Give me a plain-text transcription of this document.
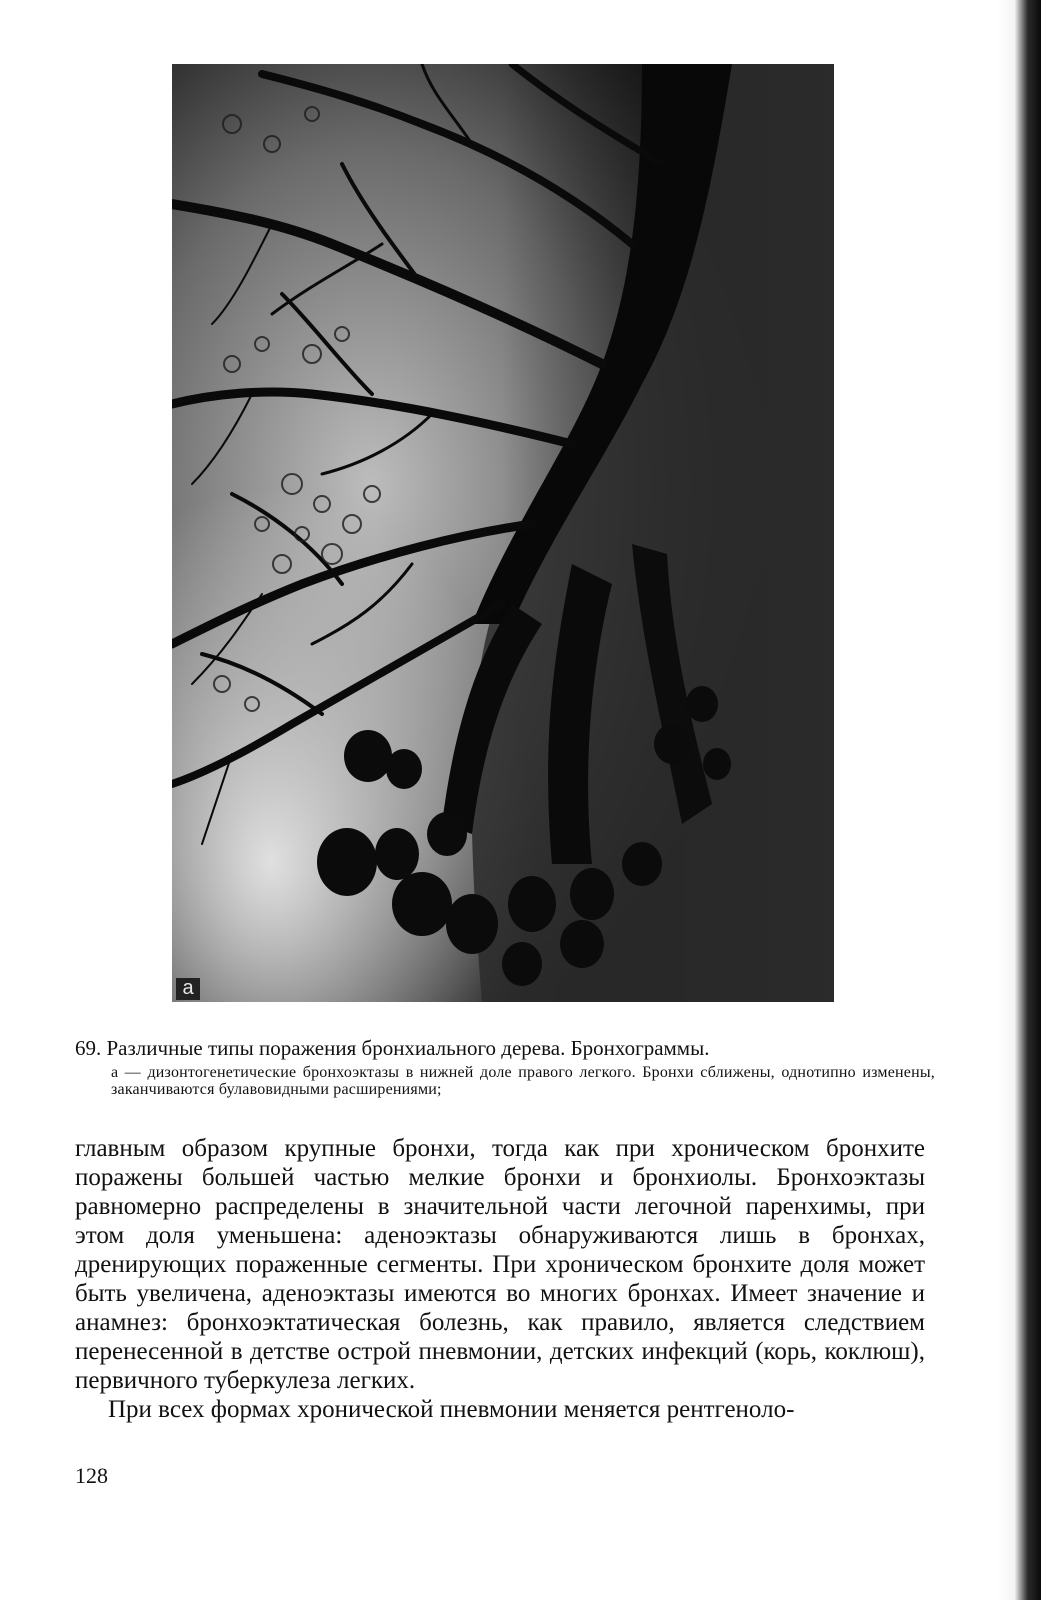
а

69. Различные типы поражения бронхиального дерева. Бронхограммы.

а — дизонтогенетические бронхоэктазы в нижней доле правого легкого. Бронхи сближены, однотипно изменены, заканчиваются булавовидными расширениями;

главным образом крупные бронхи, тогда как при хроническом бронхите поражены большей частью мелкие бронхи и бронхиолы. Бронхоэктазы равномерно распределены в значительной части легочной паренхимы, при этом доля уменьшена: аденоэктазы обнаруживаются лишь в бронхах, дренирующих пораженные сегменты. При хроническом бронхите доля может быть увеличена, аденоэктазы имеются во многих бронхах. Имеет значение и анамнез: бронхоэктатическая болезнь, как правило, является следствием перенесенной в детстве острой пневмонии, детских инфекций (корь, коклюш), первичного туберкулеза легких.

При всех формах хронической пневмонии меняется рентгеноло-

128
